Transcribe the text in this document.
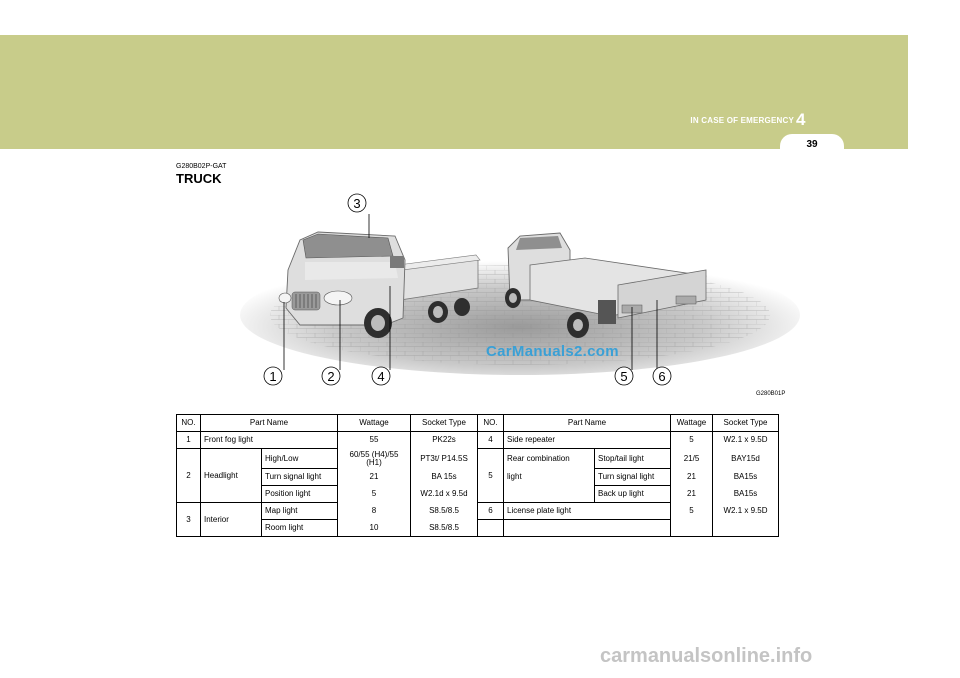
IN CASE OF EMERGENCY 4
39
G280B02P-GAT
TRUCK
1	2
3
4	5 6
CarManuals2.com
G280B01P
NO.	Part Name		Wattage	Socket Type	NO.	Part Name		Wattage	Socket Type
1	Front fog light		55	PK22s	4	Side repeater		5	W2.1 x 9.5D
2	Headlight	High/Low	60/55 (H4)/55 (H1)	PT3t/ P14.5S	5	Rear combination	Stop/tail light	21/5	BAY15d
		Turn signal light	21	BA 15s		light	Turn signal light	21	BA15s
		Position light	5	W2.1d x 9.5d			Back up light	21	BA15s
3	Interior	Map light	8	S8.5/8.5	6	License plate light		5	W2.1 x 9.5D
		Room light	10	S8.5/8.5					
carmanualsonline.info
